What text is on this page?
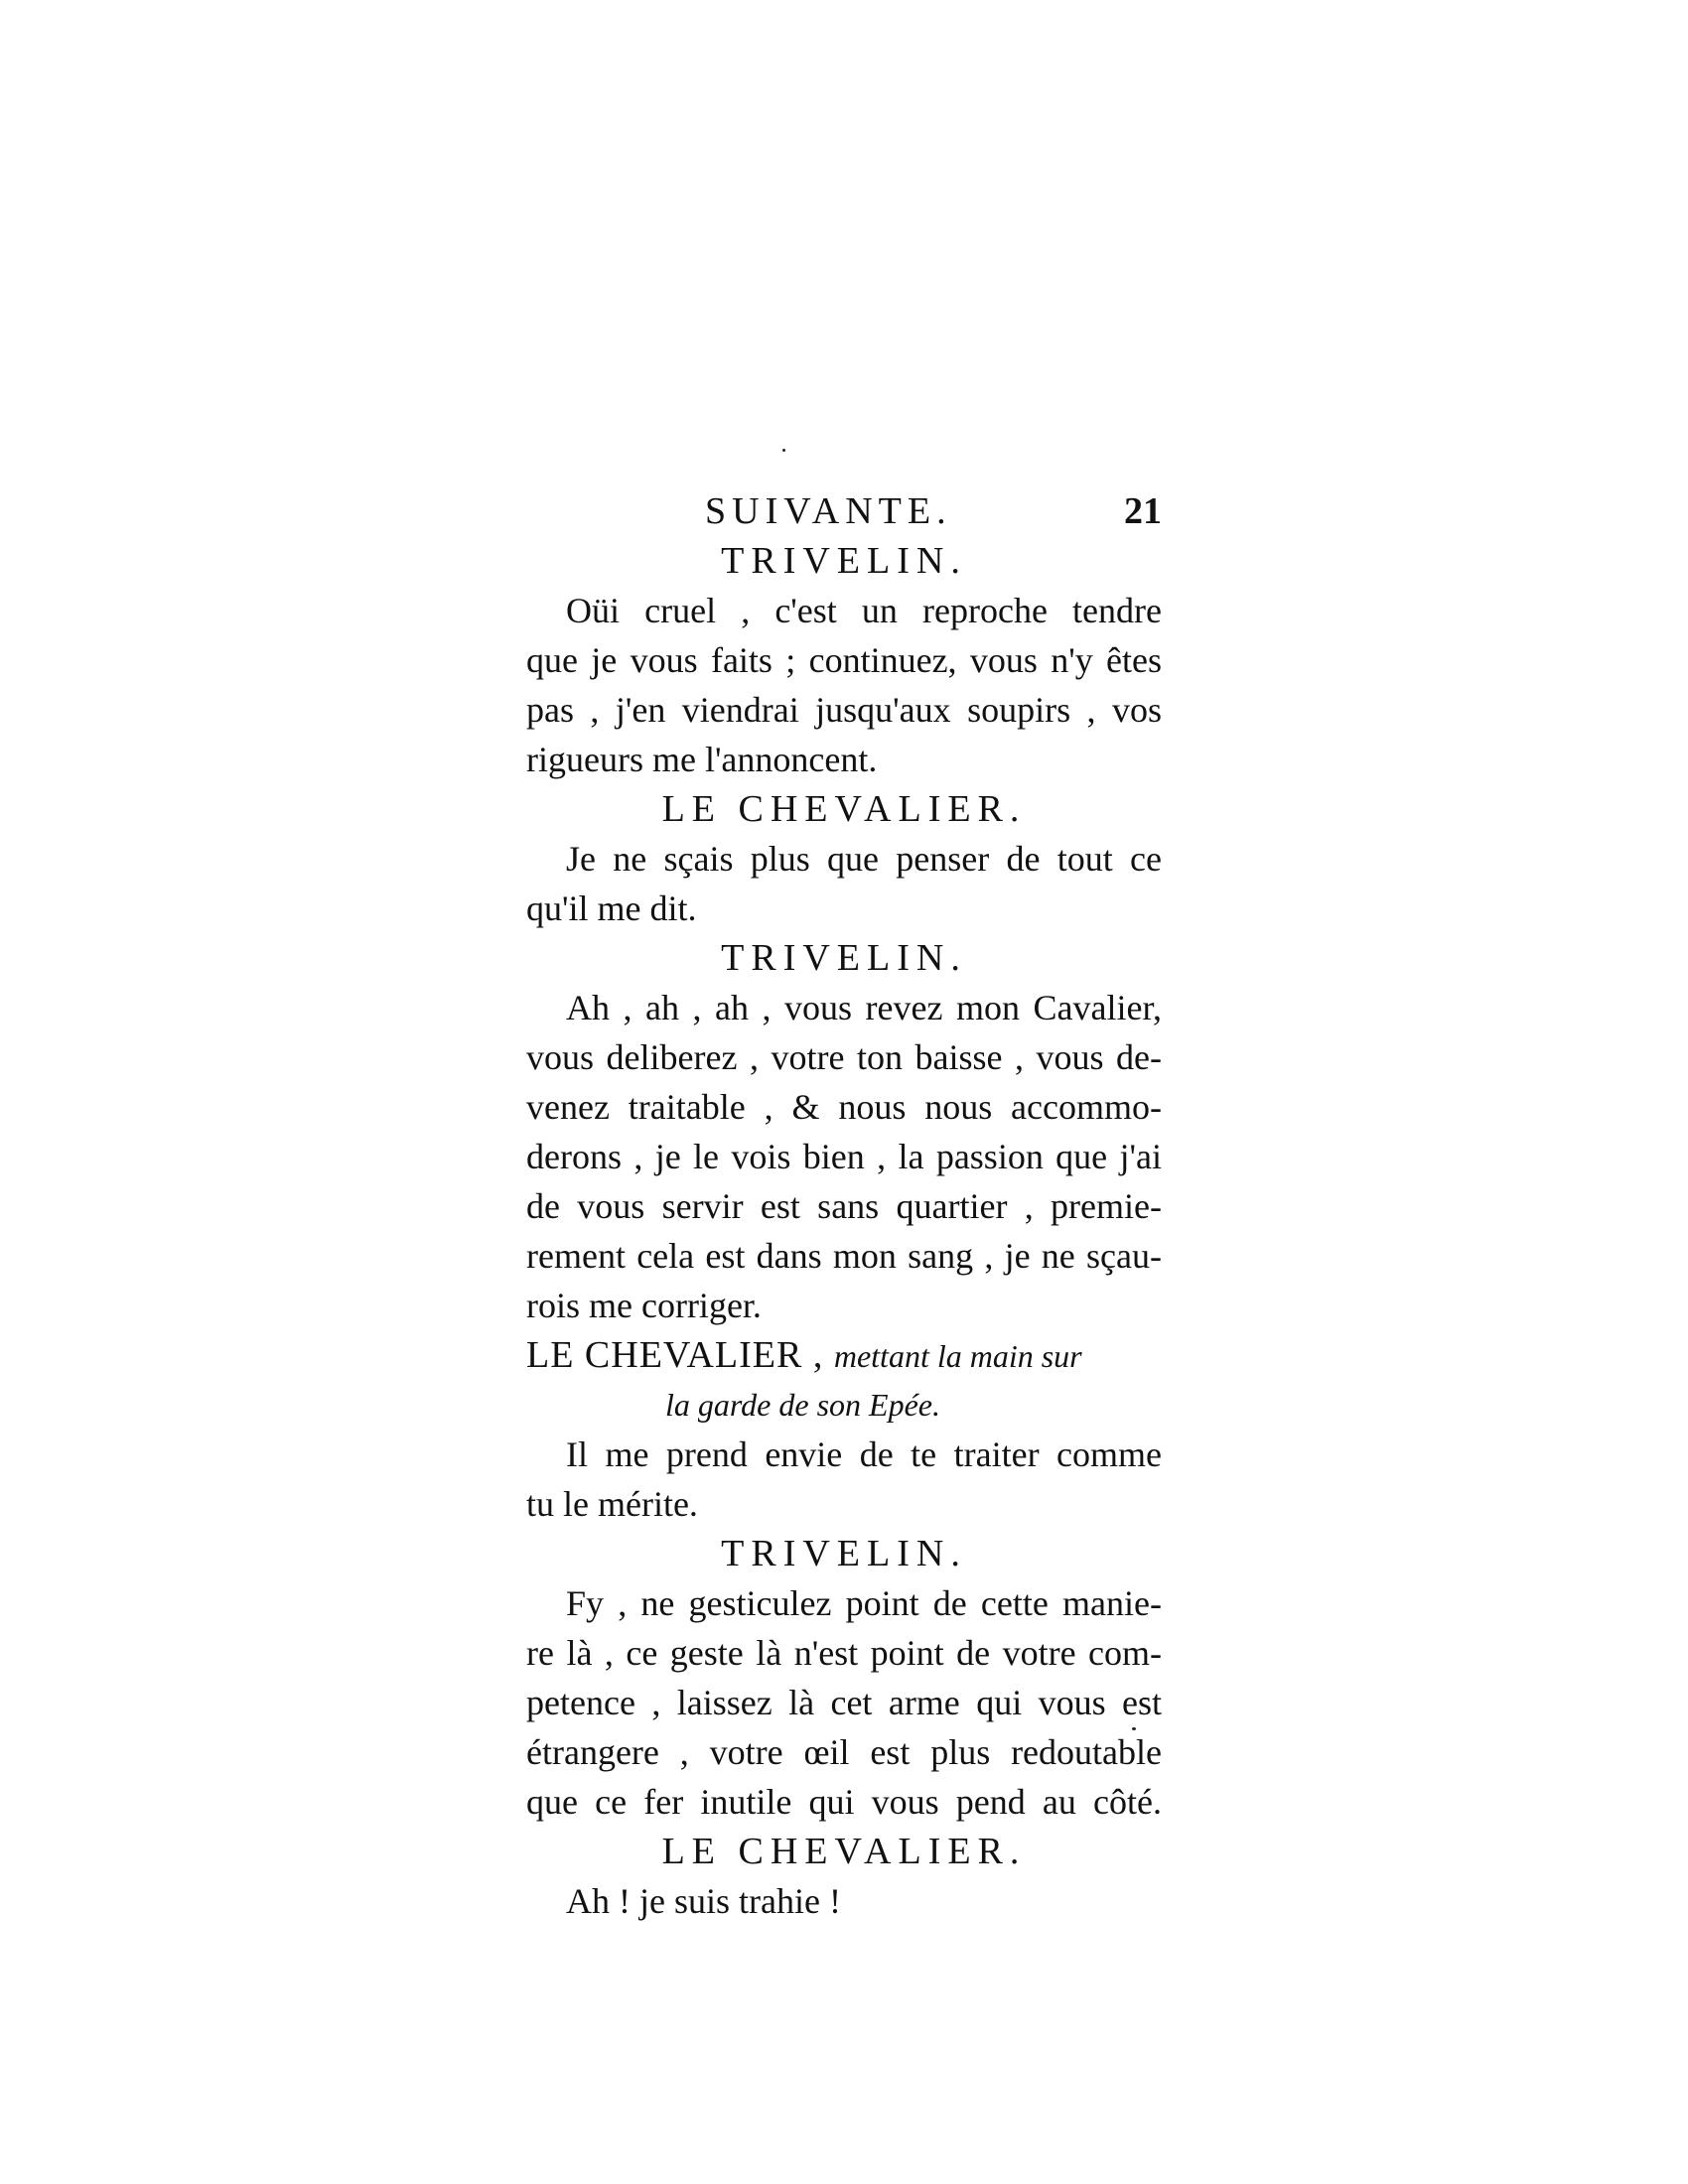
SUIVANTE.	21
TRIVELIN.
Oüi cruel , c'est un reproche tendre
que je vous faits ; continuez, vous n'y êtes
pas , j'en viendrai jusqu'aux soupirs , vos
rigueurs me l'annoncent.
LE CHEVALIER.
Je ne sçais plus que penser de tout ce
qu'il me dit.
TRIVELIN.
Ah , ah , ah , vous revez mon Cavalier,
vous deliberez , votre ton baisse , vous de-
venez traitable , & nous nous accommo-
derons , je le vois bien , la passion que j'ai
de vous servir est sans quartier , premie-
rement cela est dans mon sang , je ne sçau-
rois me corriger.
LE CHEVALIER , mettant la main sur
la garde de son Epée.
Il me prend envie de te traiter comme
tu le mérite.
TRIVELIN.
Fy , ne gesticulez point de cette manie-
re là , ce geste là n'est point de votre com-
petence , laissez là cet arme qui vous est
étrangere , votre œil est plus redoutable
que ce fer inutile qui vous pend au côté.
LE CHEVALIER.
Ah ! je suis trahie !
